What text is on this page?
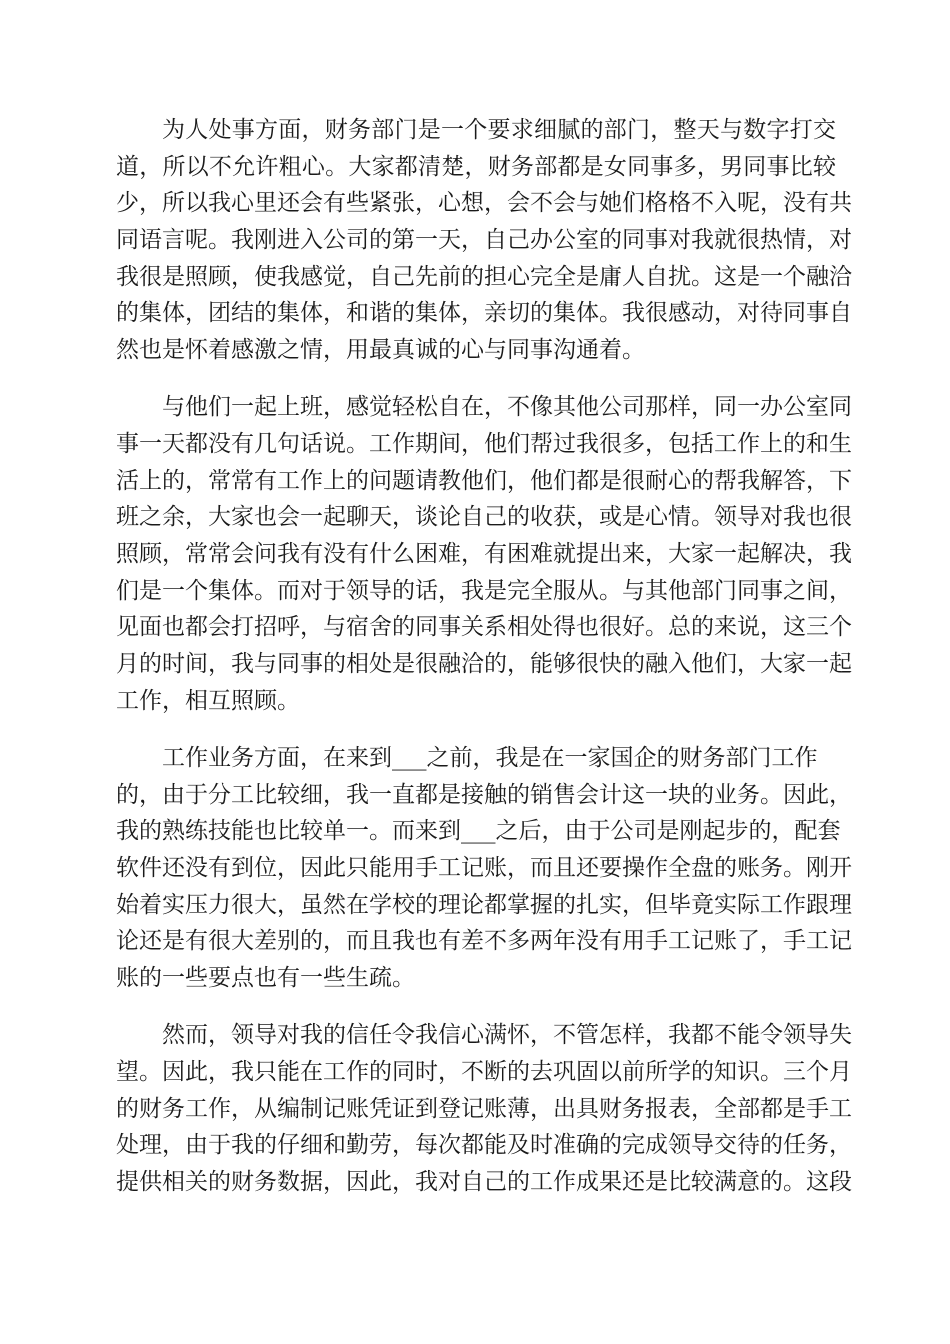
为人处事方面，财务部门是一个要求细腻的部门，整天与数字打交
道，所以不允许粗心。大家都清楚，财务部都是女同事多，男同事比较
少，所以我心里还会有些紧张，心想，会不会与她们格格不入呢，没有共
同语言呢。我刚进入公司的第一天，自己办公室的同事对我就很热情，对
我很是照顾，使我感觉，自己先前的担心完全是庸人自扰。这是一个融洽
的集体，团结的集体，和谐的集体，亲切的集体。我很感动，对待同事自
然也是怀着感激之情，用最真诚的心与同事沟通着。
与他们一起上班，感觉轻松自在，不像其他公司那样，同一办公室同
事一天都没有几句话说。工作期间，他们帮过我很多，包括工作上的和生
活上的，常常有工作上的问题请教他们，他们都是很耐心的帮我解答，下
班之余，大家也会一起聊天，谈论自己的收获，或是心情。领导对我也很
照顾，常常会问我有没有什么困难，有困难就提出来，大家一起解决，我
们是一个集体。而对于领导的话，我是完全服从。与其他部门同事之间，
见面也都会打招呼，与宿舍的同事关系相处得也很好。总的来说，这三个
月的时间，我与同事的相处是很融洽的，能够很快的融入他们，大家一起
工作，相互照顾。
工作业务方面，在来到___之前，我是在一家国企的财务部门工作
的，由于分工比较细，我一直都是接触的销售会计这一块的业务。因此，
我的熟练技能也比较单一。而来到___之后，由于公司是刚起步的，配套
软件还没有到位，因此只能用手工记账，而且还要操作全盘的账务。刚开
始着实压力很大，虽然在学校的理论都掌握的扎实，但毕竟实际工作跟理
论还是有很大差别的，而且我也有差不多两年没有用手工记账了，手工记
账的一些要点也有一些生疏。
然而，领导对我的信任令我信心满怀，不管怎样，我都不能令领导失
望。因此，我只能在工作的同时，不断的去巩固以前所学的知识。三个月
的财务工作，从编制记账凭证到登记账薄，出具财务报表，全部都是手工
处理，由于我的仔细和勤劳，每次都能及时准确的完成领导交待的任务，
提供相关的财务数据，因此，我对自己的工作成果还是比较满意的。这段
